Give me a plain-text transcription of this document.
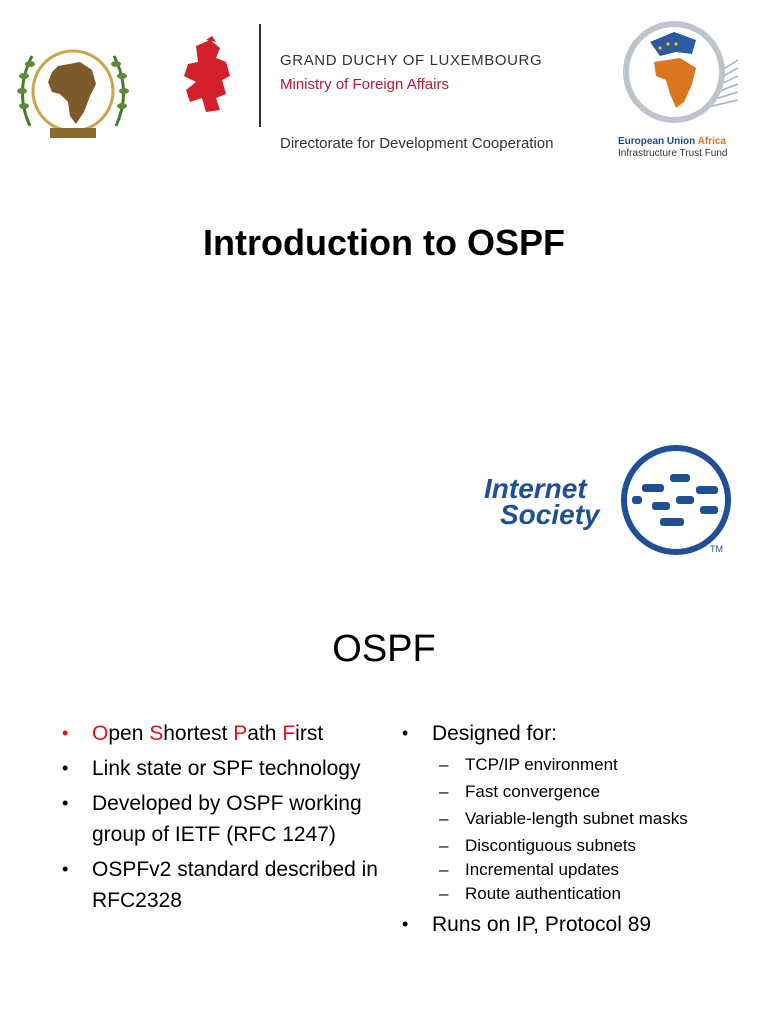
GRAND DUCHY OF LUXEMBOURG
Ministry of Foreign Affairs
Directorate for Development Cooperation	European Union Africa
Infrastructure Trust Fund
Introduction to OSPF
TM
Internet
Society
OSPF
• Open Shortest Path First
• Link state or SPF technology
• Developed by OSPF working group of IETF (RFC 1247)
• OSPFv2 standard described in RFC2328
• Designed for:
– TCP/IP environment
– Fast convergence
– Variable-length subnet masks
– Discontiguous subnets
– Incremental updates
– Route authentication
• Runs on IP, Protocol 89
